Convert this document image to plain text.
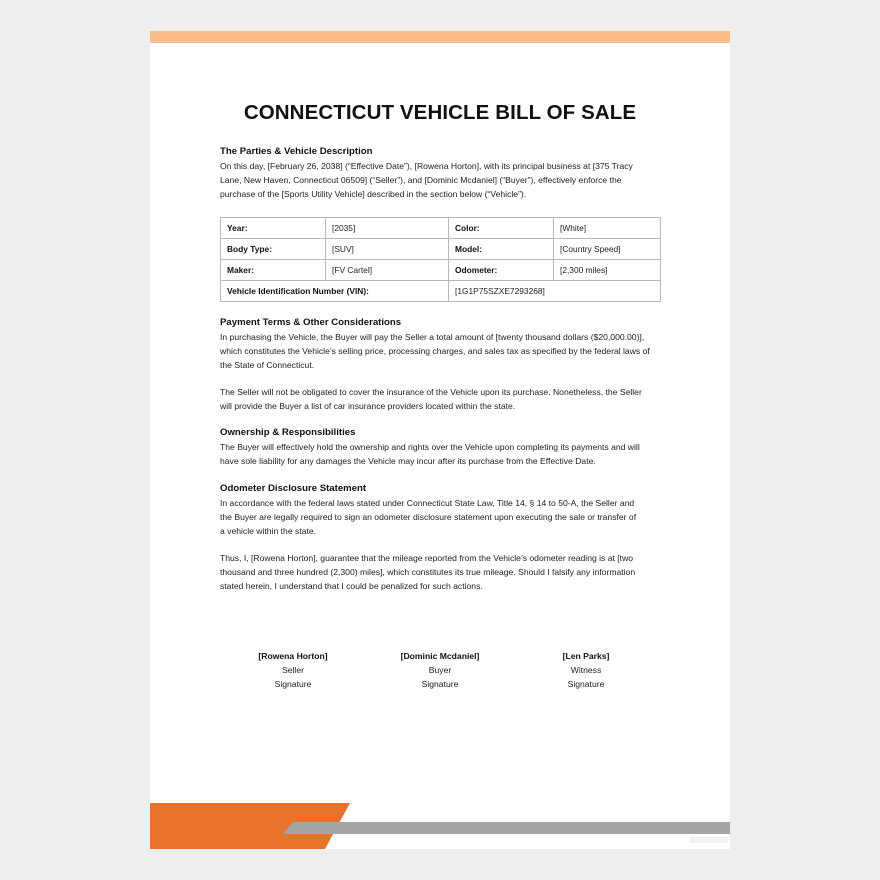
CONNECTICUT VEHICLE BILL OF SALE
The Parties & Vehicle Description

On this day, [February 26, 2038] (“Effective Date”), [Rowena Horton], with its principal business at [375 Tracy

Lane, New Haven, Connecticut 06509] (“Seller”), and [Dominic Mcdaniel] (“Buyer”), effectively enforce the

purchase of the [Sports Utility Vehicle] described in the section below (“Vehicle”).

Year:	[2035]	Color:	[White]
Body Type:	[SUV]	Model:	[Country Speed]
Maker:	[FV Cartel]	Odometer:	[2,300 miles]
Vehicle Identification Number (VIN):		[1G1P75SZXE7293268]	
Payment Terms & Other Considerations

In purchasing the Vehicle, the Buyer will pay the Seller a total amount of [twenty thousand dollars ($20,000.00)],

which constitutes the Vehicle’s selling price, processing charges, and sales tax as specified by the federal laws of

the State of Connecticut.

The Seller will not be obligated to cover the insurance of the Vehicle upon its purchase. Nonetheless, the Seller

will provide the Buyer a list of car insurance providers located within the state.

Ownership & Responsibilities

The Buyer will effectively hold the ownership and rights over the Vehicle upon completing its payments and will

have sole liability for any damages the Vehicle may incur after its purchase from the Effective Date.

Odometer Disclosure Statement

In accordance with the federal laws stated under Connecticut State Law, Title 14, § 14 to 50-A, the Seller and

the Buyer are legally required to sign an odometer disclosure statement upon executing the sale or transfer of

a vehicle within the state.

Thus, I, [Rowena Horton], guarantee that the mileage reported from the Vehicle’s odometer reading is at [two

thousand and three hundred (2,300) miles], which constitutes its true mileage. Should I falsify any information

stated herein, I understand that I could be penalized for such actions.

[Rowena Horton]
Seller
Signature
[Dominic Mcdaniel]
Buyer
Signature
[Len Parks]
Witness
Signature
